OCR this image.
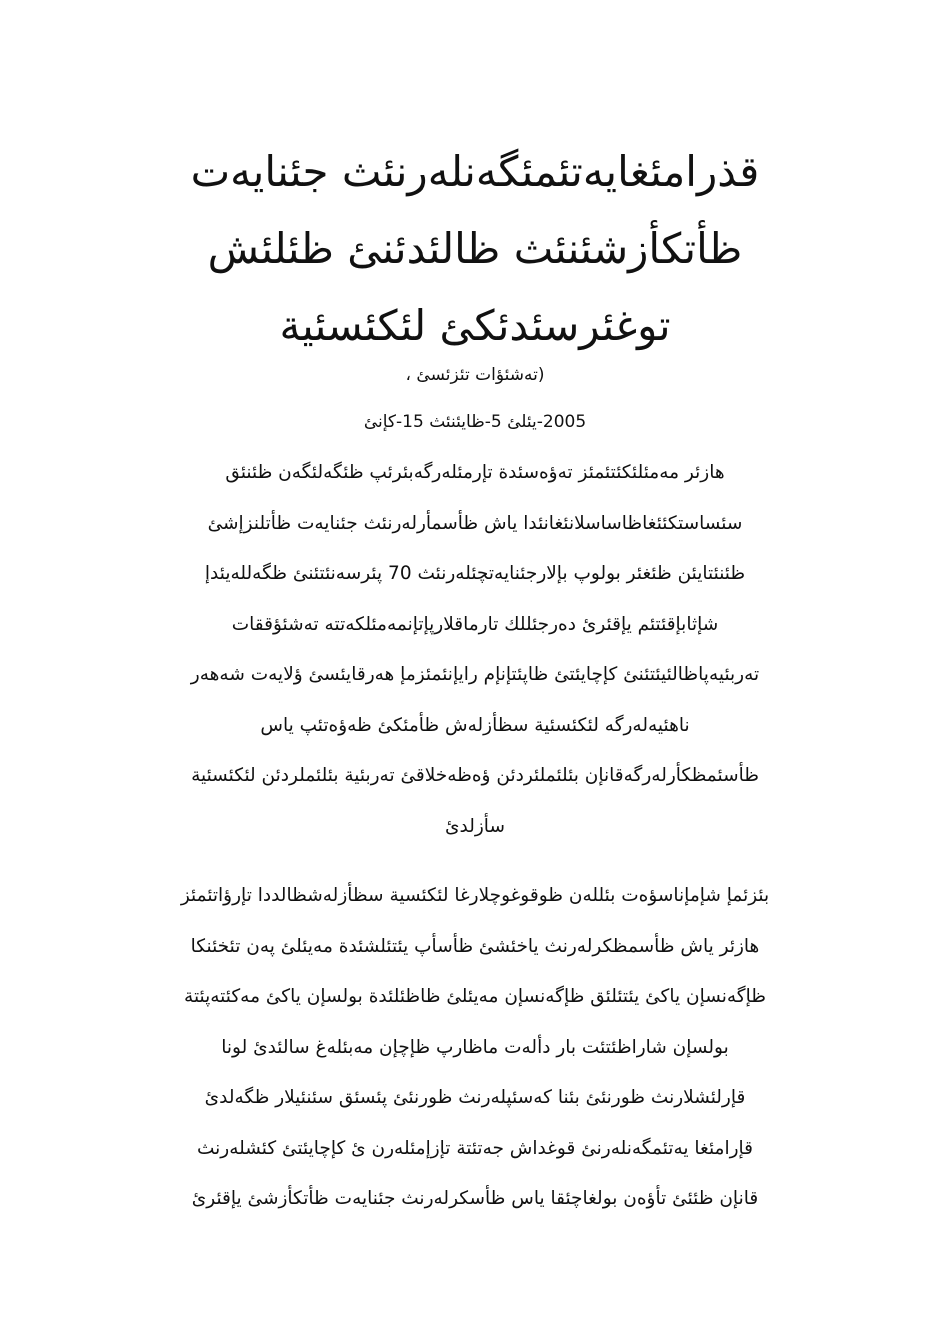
قذرامئغايەتئمئگەنلەرنئث جئنايەت
ظأتكأزشئنئث ظالئدئنئ ظئلئش
توغئرسئدئكئ لئكئسئية
(تەشئؤات تئزئسئ ،
2005-يئلئ 5-ظايئنئث 15-كإنئ
هازئر مەمئلئكئتئمئز تەؤەسئدة تإرمئلەرگەبئرئپ ظئگەلئگەن ظئنئق
سئساستكئئغاظاساسلانئغانئدا ياش ظأسمأرلەرنئث جئنايەت ظأتلنزإشئ
ظئنئتايئن ظئغئر بولوپ بإلارجئنايەتچئلەرنئث 70 پئرسەنئتئنئ ظگەللەيئدإ
شإثابإقئتئم يإقئرئ دەرجئللك تارماقلارپإتإنمەمئلكەتتە تەشئؤققات
تەربئيەپاظالئيئتئنئ كإچايئتئ ظاپئتإنإم رايإنئمئزمإ هەرقايئسئ ؤلايەت شەهەر
ناهئيەلەرگە لئكئسئية سظأزلەش ظأمئكئ ظەؤەتئپ ياس
ظأسئمظكأرلەرگەقانإن بئلئملئردئن ؤەظەخلاقئ تەربئية بئلئملردئن لئكئسئية
سأزلدئ
بئزئمإ شإمإناسؤەت بئللەن ظوقوغوچلارغا لئكئسية سظأزلەشظالددا تإرؤاتئمئز
هازئر ياش ظأسمظكرلەرنث ياخئشئ ظأسأپ يئتئلشئدة مەيئلئ پەن تئخئنكا
ظإگەنسإن ياكئ يئتئلئق ظإگەنسإن مەيئلئ ظاظئلئدة بولسإن ياكئ مەكئتەپئتة
بولسإن شاراظئتئت بار دألەت ماظارپ ظإچإن مەبئلەغ سالئدئ لونا
قإرلئشلارنث ظورنئئ بئنا كەسئپلەرنث ظورنئئ پئسئق سئنئيلار ظگەلدئ
قإرامئغا يەتئمگەنلەرنئ قوغداش جەتئتة تإزإمئلەرن ئ كإچايئتئ كئشلەرنث
قانإن ظئئئ تأؤەن بولغاچئقا ياس ظأسكرلەرنث جئنايەت ظأتكأزشئ يإقئرئ
